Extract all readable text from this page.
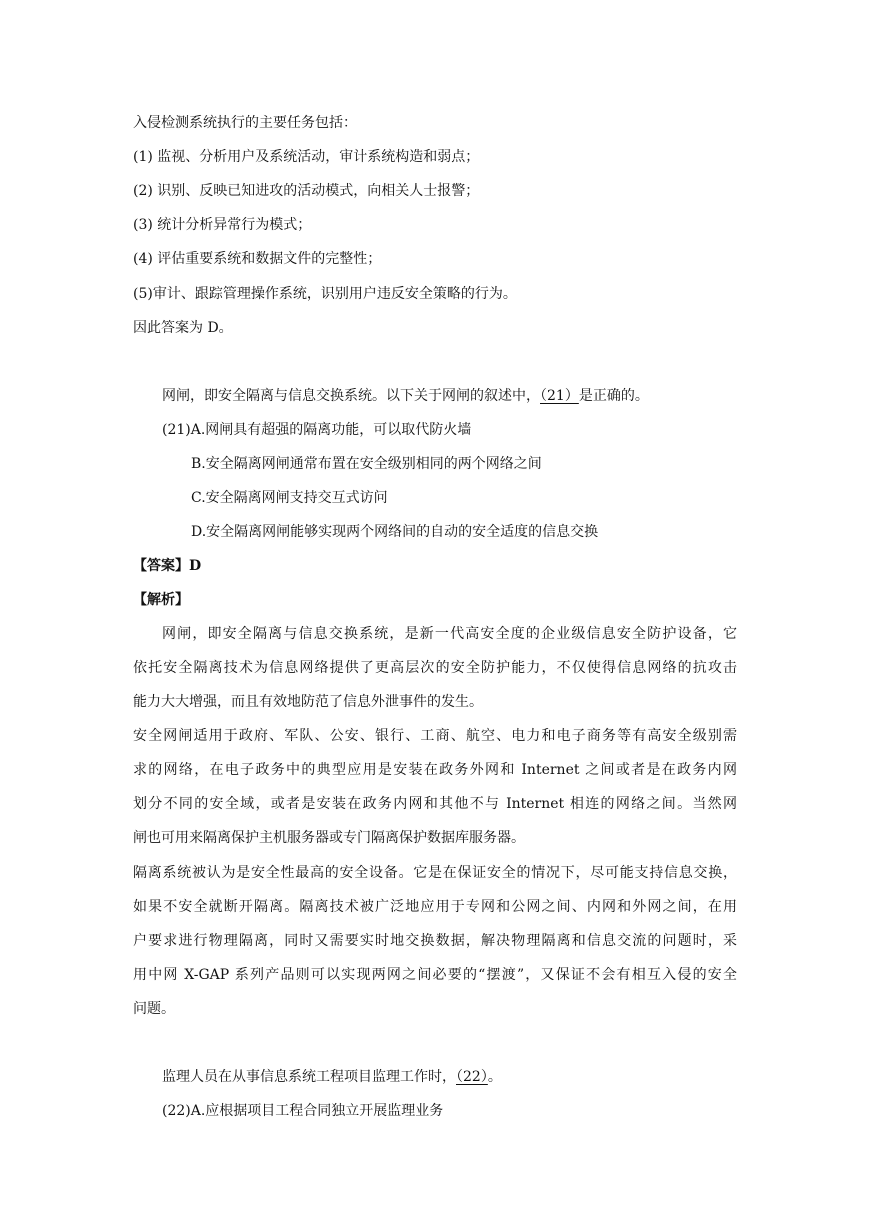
入侵检测系统执行的主要任务包括：
(1) 监视、分析用户及系统活动，审计系统构造和弱点；
(2) 识别、反映已知进攻的活动模式，向相关人士报警；
(3) 统计分析异常行为模式；
(4) 评估重要系统和数据文件的完整性；
(5)审计、跟踪管理操作系统，识别用户违反安全策略的行为。
因此答案为 D。
网闸，即安全隔离与信息交换系统。以下关于网闸的叙述中，（21）是正确的。
(21)A.网闸具有超强的隔离功能，可以取代防火墙
B.安全隔离网闸通常布置在安全级别相同的两个网络之间
C.安全隔离网闸支持交互式访问
D.安全隔离网闸能够实现两个网络间的自动的安全适度的信息交换
【答案】D
【解析】
网闸，即安全隔离与信息交换系统，是新一代高安全度的企业级信息安全防护设备，它
依托安全隔离技术为信息网络提供了更高层次的安全防护能力，不仅使得信息网络的抗攻击
能力大大增强，而且有效地防范了信息外泄事件的发生。
安全网闸适用于政府、军队、公安、银行、工商、航空、电力和电子商务等有高安全级别需
求的网络，在电子政务中的典型应用是安装在政务外网和 Internet 之间或者是在政务内网
划分不同的安全域，或者是安装在政务内网和其他不与 Internet 相连的网络之间。当然网
闸也可用来隔离保护主机服务器或专门隔离保护数据库服务器。
隔离系统被认为是安全性最高的安全设备。它是在保证安全的情况下，尽可能支持信息交换，
如果不安全就断开隔离。隔离技术被广泛地应用于专网和公网之间、内网和外网之间，在用
户要求进行物理隔离，同时又需要实时地交换数据，解决物理隔离和信息交流的问题时，采
用中网 X-GAP 系列产品则可以实现两网之间必要的“摆渡”，又保证不会有相互入侵的安全
问题。
监理人员在从事信息系统工程项目监理工作时，（22）。
(22)A.应根据项目工程合同独立开展监理业务
